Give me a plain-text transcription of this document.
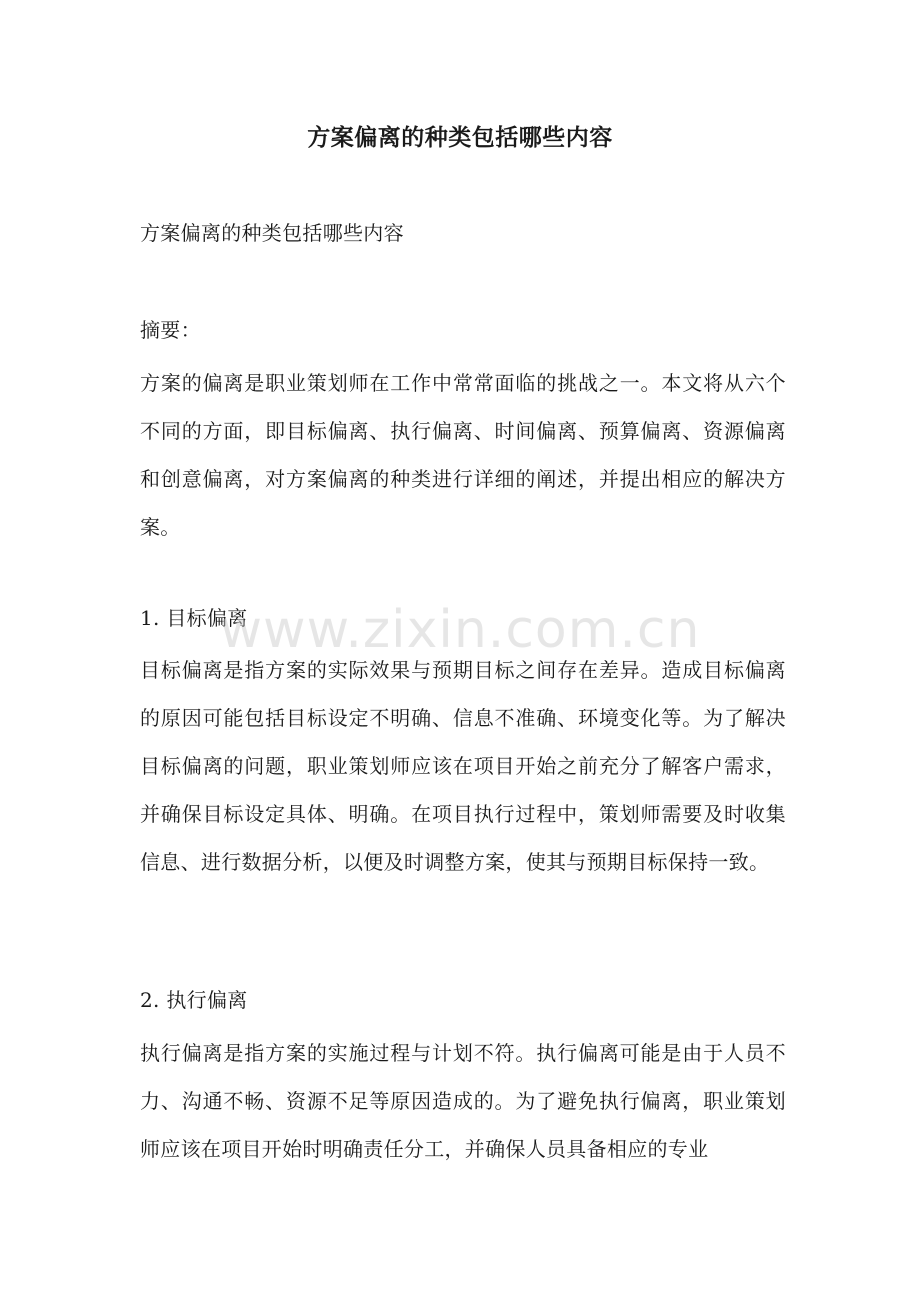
方案偏离的种类包括哪些内容
方案偏离的种类包括哪些内容
摘要：
方案的偏离是职业策划师在工作中常常面临的挑战之一。本文将从六个不同的方面，即目标偏离、执行偏离、时间偏离、预算偏离、资源偏离和创意偏离，对方案偏离的种类进行详细的阐述，并提出相应的解决方案。
1. 目标偏离
目标偏离是指方案的实际效果与预期目标之间存在差异。造成目标偏离的原因可能包括目标设定不明确、信息不准确、环境变化等。为了解决目标偏离的问题，职业策划师应该在项目开始之前充分了解客户需求，并确保目标设定具体、明确。在项目执行过程中，策划师需要及时收集信息、进行数据分析，以便及时调整方案，使其与预期目标保持一致。
2. 执行偏离
执行偏离是指方案的实施过程与计划不符。执行偏离可能是由于人员不力、沟通不畅、资源不足等原因造成的。为了避免执行偏离，职业策划师应该在项目开始时明确责任分工，并确保人员具备相应的专业
www.zixin.com.cn
